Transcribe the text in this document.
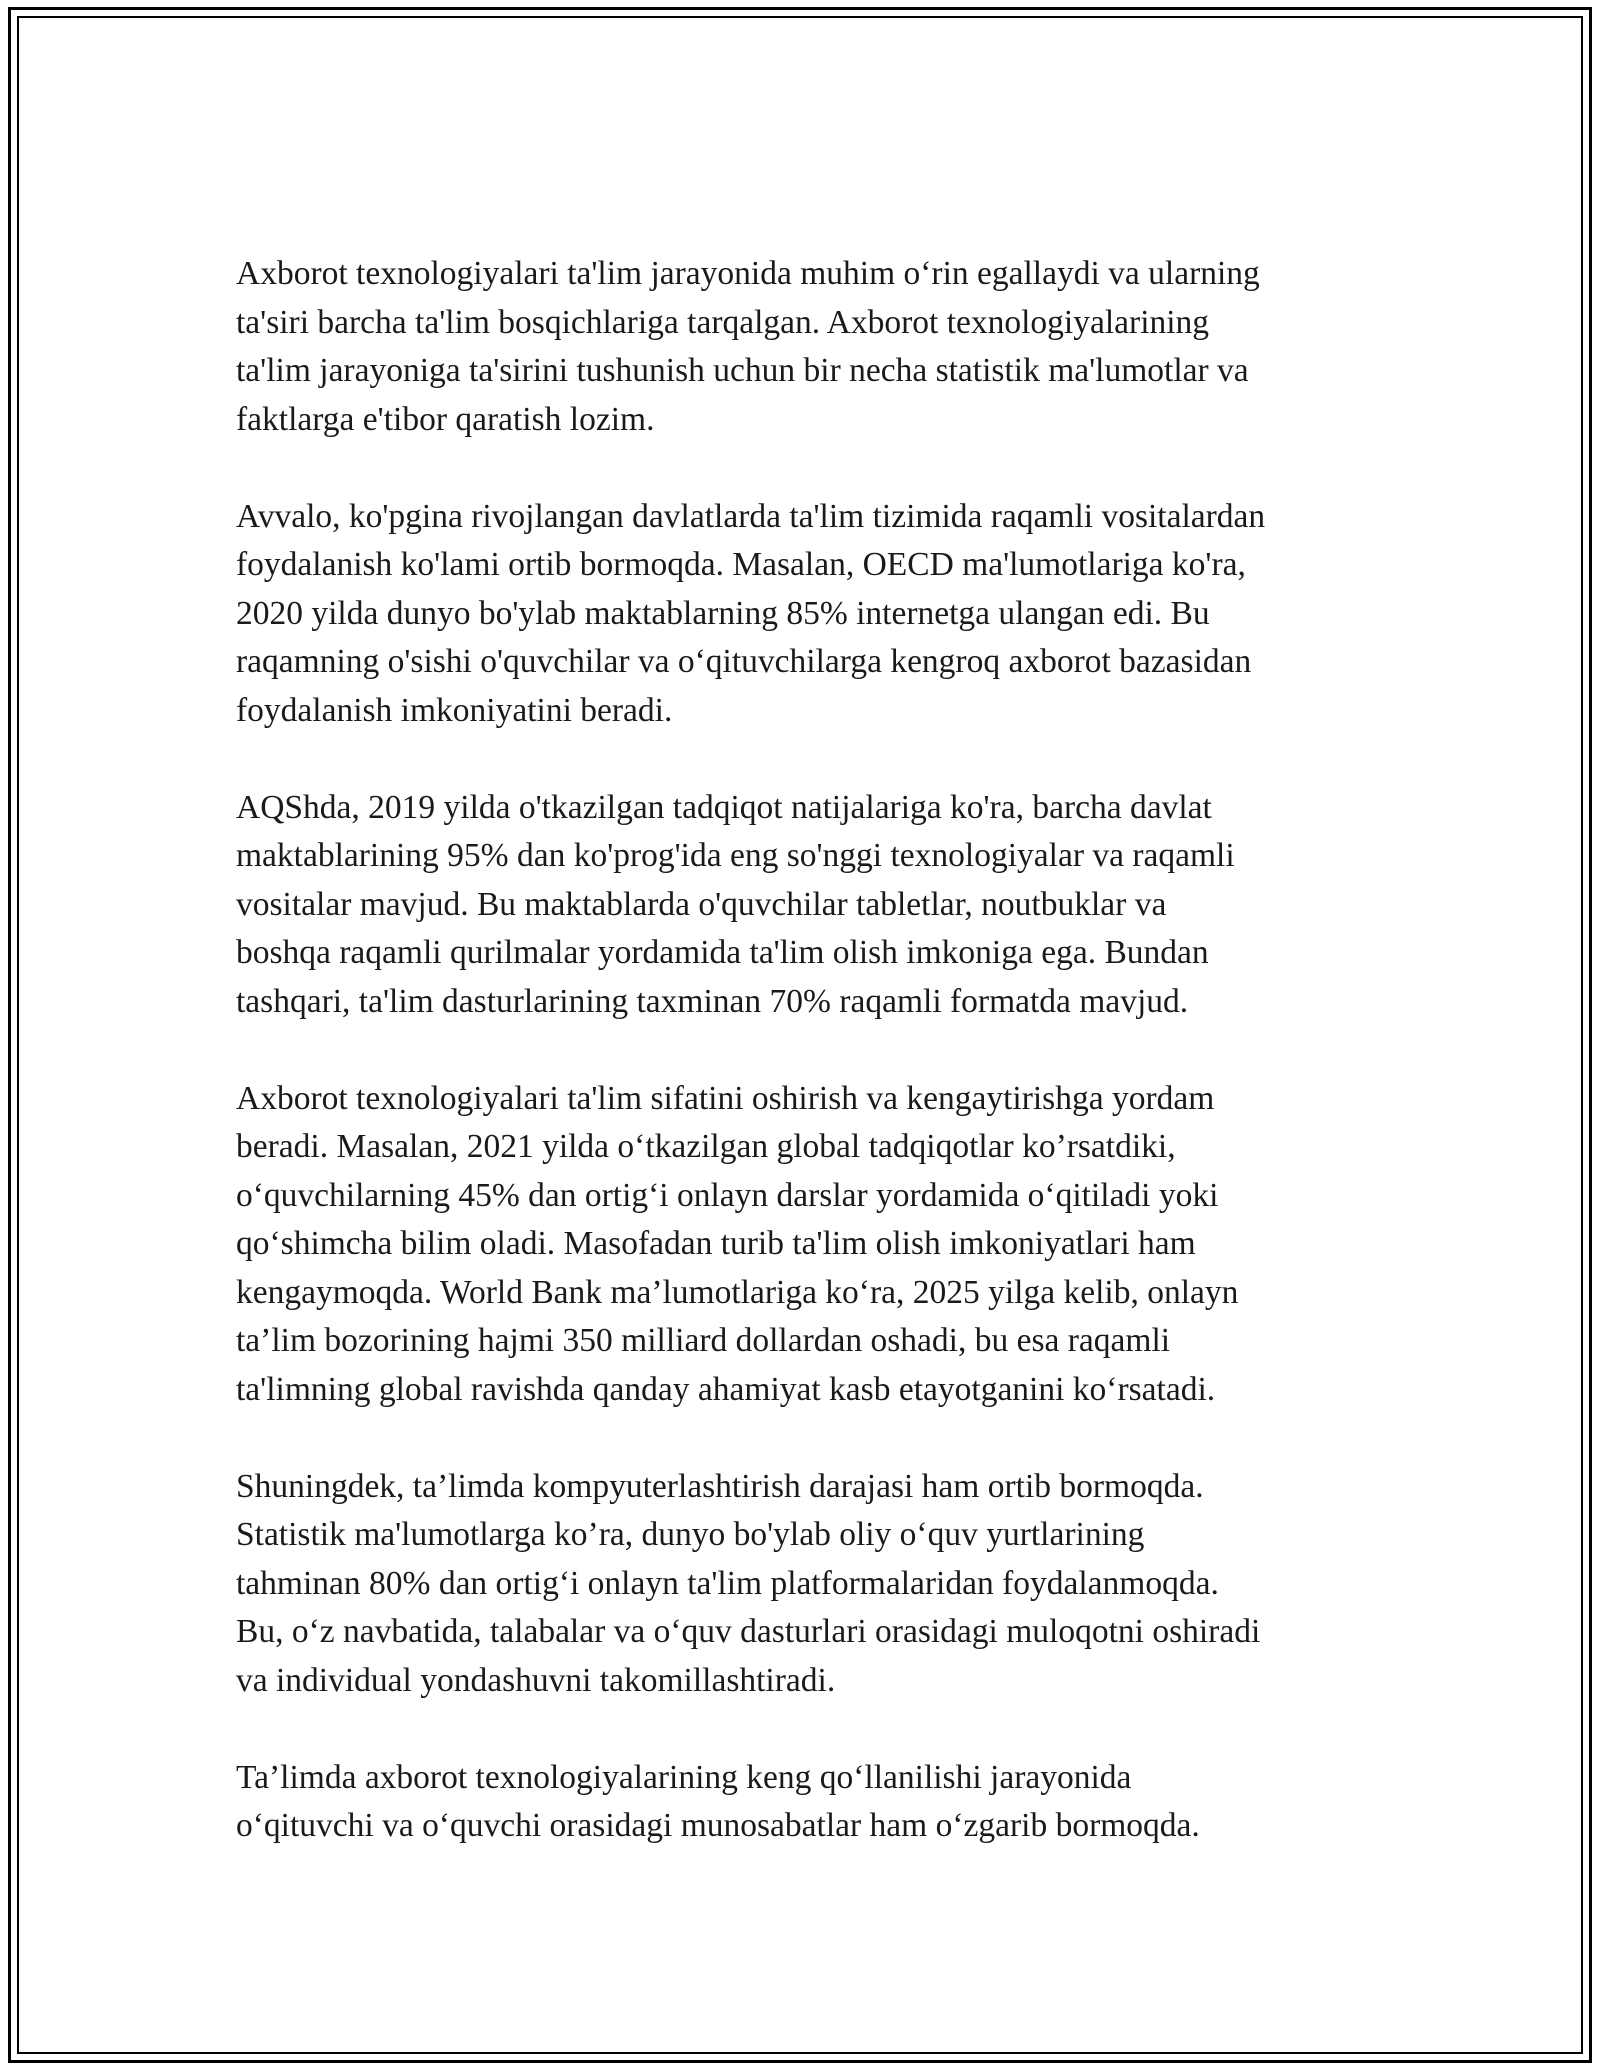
Axborot texnologiyalari ta'lim jarayonida muhim o‘rin egallaydi va ularning
ta'siri barcha ta'lim bosqichlariga tarqalgan. Axborot texnologiyalarining
ta'lim jarayoniga ta'sirini tushunish uchun bir necha statistik ma'lumotlar va
faktlarga e'tibor qaratish lozim.

Avvalo, ko'pgina rivojlangan davlatlarda ta'lim tizimida raqamli vositalardan
foydalanish ko'lami ortib bormoqda. Masalan, OECD ma'lumotlariga ko'ra,
2020 yilda dunyo bo'ylab maktablarning 85% internetga ulangan edi. Bu
raqamning o'sishi o'quvchilar va o‘qituvchilarga kengroq axborot bazasidan
foydalanish imkoniyatini beradi.

AQShda, 2019 yilda o'tkazilgan tadqiqot natijalariga ko'ra, barcha davlat
maktablarining 95% dan ko'prog'ida eng so'nggi texnologiyalar va raqamli
vositalar mavjud. Bu maktablarda o'quvchilar tabletlar, noutbuklar va
boshqa raqamli qurilmalar yordamida ta'lim olish imkoniga ega. Bundan
tashqari, ta'lim dasturlarining taxminan 70% raqamli formatda mavjud.

Axborot texnologiyalari ta'lim sifatini oshirish va kengaytirishga yordam
beradi. Masalan, 2021 yilda o‘tkazilgan global tadqiqotlar ko’rsatdiki,
o‘quvchilarning 45% dan ortig‘i onlayn darslar yordamida o‘qitiladi yoki
qo‘shimcha bilim oladi. Masofadan turib ta'lim olish imkoniyatlari ham
kengaymoqda. World Bank ma’lumotlariga ko‘ra, 2025 yilga kelib, onlayn
ta’lim bozorining hajmi 350 milliard dollardan oshadi, bu esa raqamli
ta'limning global ravishda qanday ahamiyat kasb etayotganini ko‘rsatadi.

Shuningdek, ta’limda kompyuterlashtirish darajasi ham ortib bormoqda.
Statistik ma'lumotlarga ko’ra, dunyo bo'ylab oliy o‘quv yurtlarining
tahminan 80% dan ortig‘i onlayn ta'lim platformalaridan foydalanmoqda.
Bu, o‘z navbatida, talabalar va o‘quv dasturlari orasidagi muloqotni oshiradi
va individual yondashuvni takomillashtiradi.

Ta’limda axborot texnologiyalarining keng qo‘llanilishi jarayonida
o‘qituvchi va o‘quvchi orasidagi munosabatlar ham o‘zgarib bormoqda.
